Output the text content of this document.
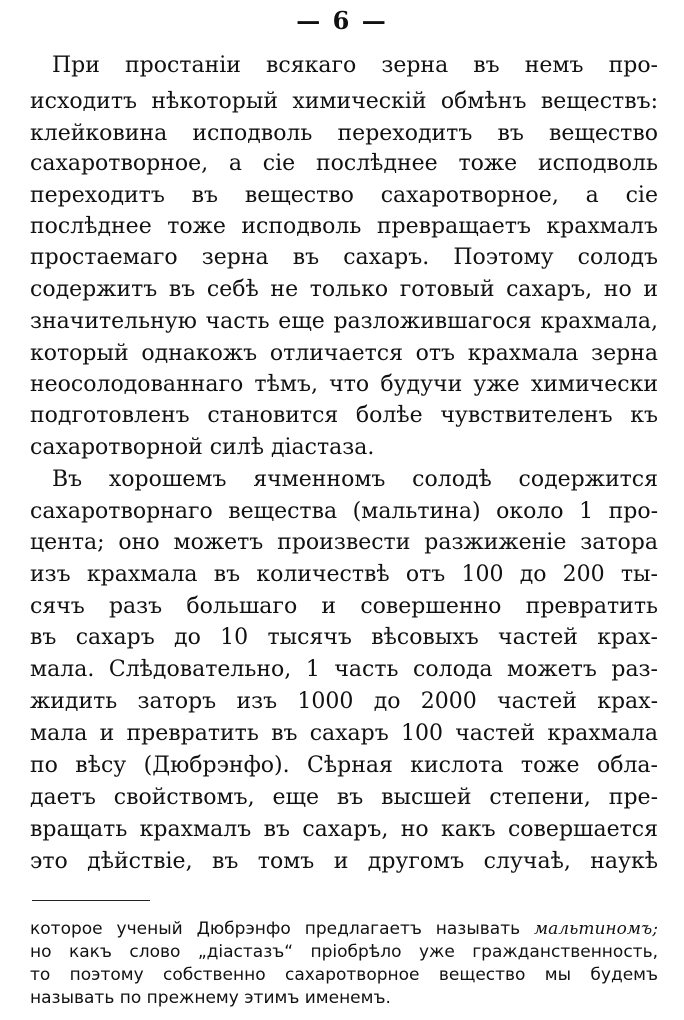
— 6 —
При простаніи всякаго зерна въ немъ про-
исходитъ нѣкоторый химическій обмѣнъ веществъ:
клейковина исподволь переходитъ въ вещество
сахаротворное, а сіе послѣднее тоже исподволь
переходитъ въ вещество сахаротворное, а сіе
послѣднее тоже исподволь превращаетъ крахмалъ
простаемаго зерна въ сахаръ. Поэтому солодъ
содержитъ въ себѣ не только готовый сахаръ, но и
значительную часть еще разложившагося крахмала,
который однакожъ отличается отъ крахмала зерна
неосолодованнаго тѣмъ, что будучи уже химически
подготовленъ становится болѣе чувствителенъ къ
сахаротворной силѣ діастаза.
Въ хорошемъ ячменномъ солодѣ содержится
сахаротворнаго вещества (мальтина) около 1 про-
цента; оно можетъ произвести разжиженіе затора
изъ крахмала въ количествѣ отъ 100 до 200 ты-
сячъ разъ большаго и совершенно превратить
въ сахаръ до 10 тысячъ вѣсовыхъ частей крах-
мала. Слѣдовательно, 1 часть солода можетъ раз-
жидить заторъ изъ 1000 до 2000 частей крах-
мала и превратить въ сахаръ 100 частей крахмала
по вѣсу (Дюбрэнфо). Сѣрная кислота тоже обла-
даетъ свойствомъ, еще въ высшей степени, пре-
вращать крахмалъ въ сахаръ, но какъ совершается
это дѣйствіе, въ томъ и другомъ случаѣ, наукѣ
которое ученый Дюбрэнфо предлагаетъ называть мальтиномъ;
но какъ слово „діастазъ“ пріобрѣло уже гражданственность,
то поэтому собственно сахаротворное вещество мы будемъ
называть по прежнему этимъ именемъ.
